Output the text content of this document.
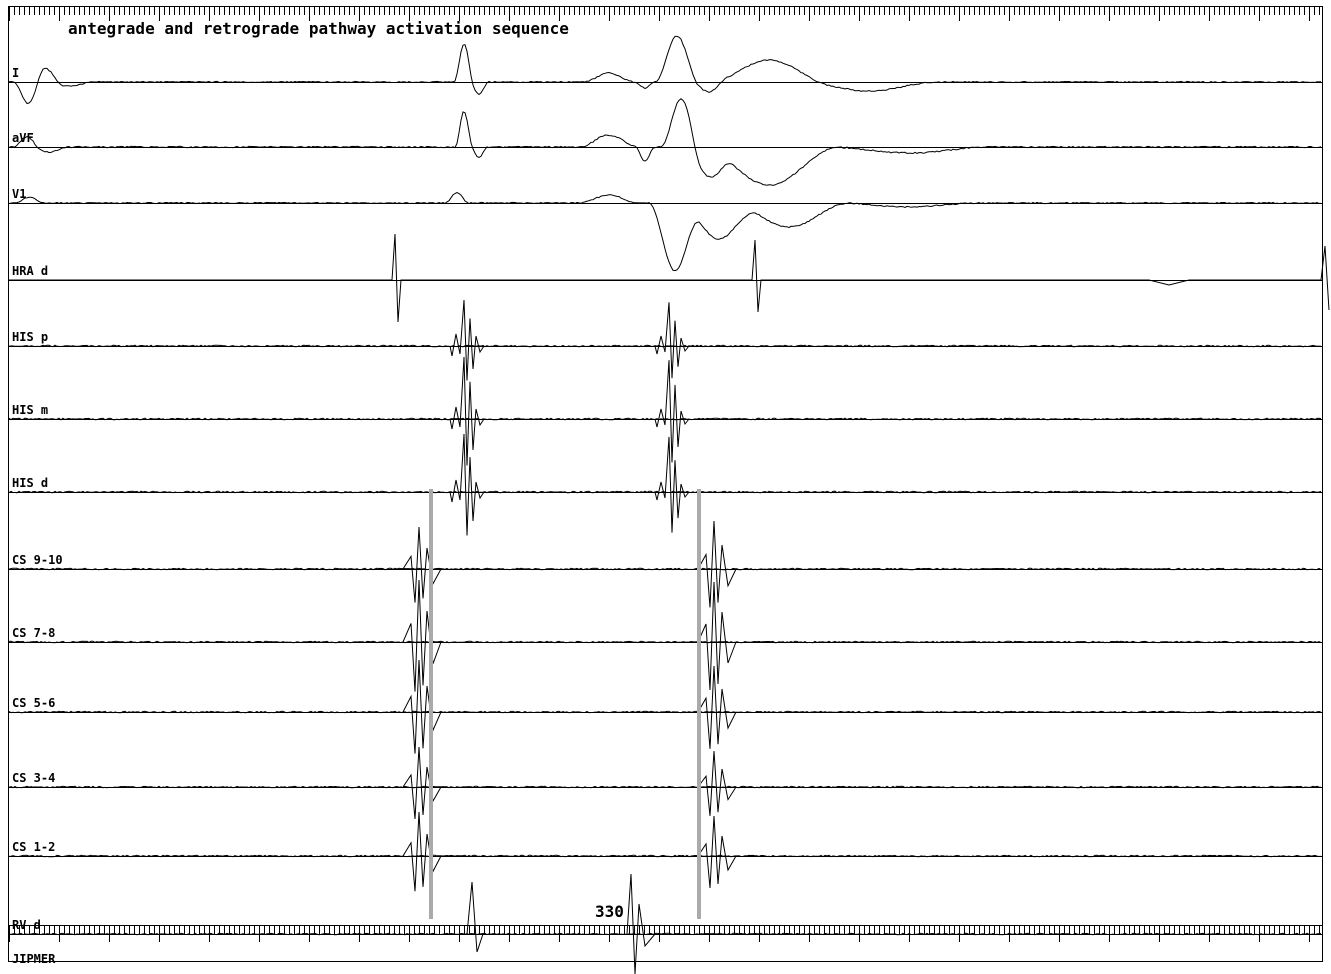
antegrade and retrograde pathway activation sequence
JIPMER
I
aVF
V1
HRA d
HIS p
HIS m
HIS d
CS 9-10
CS 7-8
CS 5-6
CS 3-4
CS 1-2
RV d
330
